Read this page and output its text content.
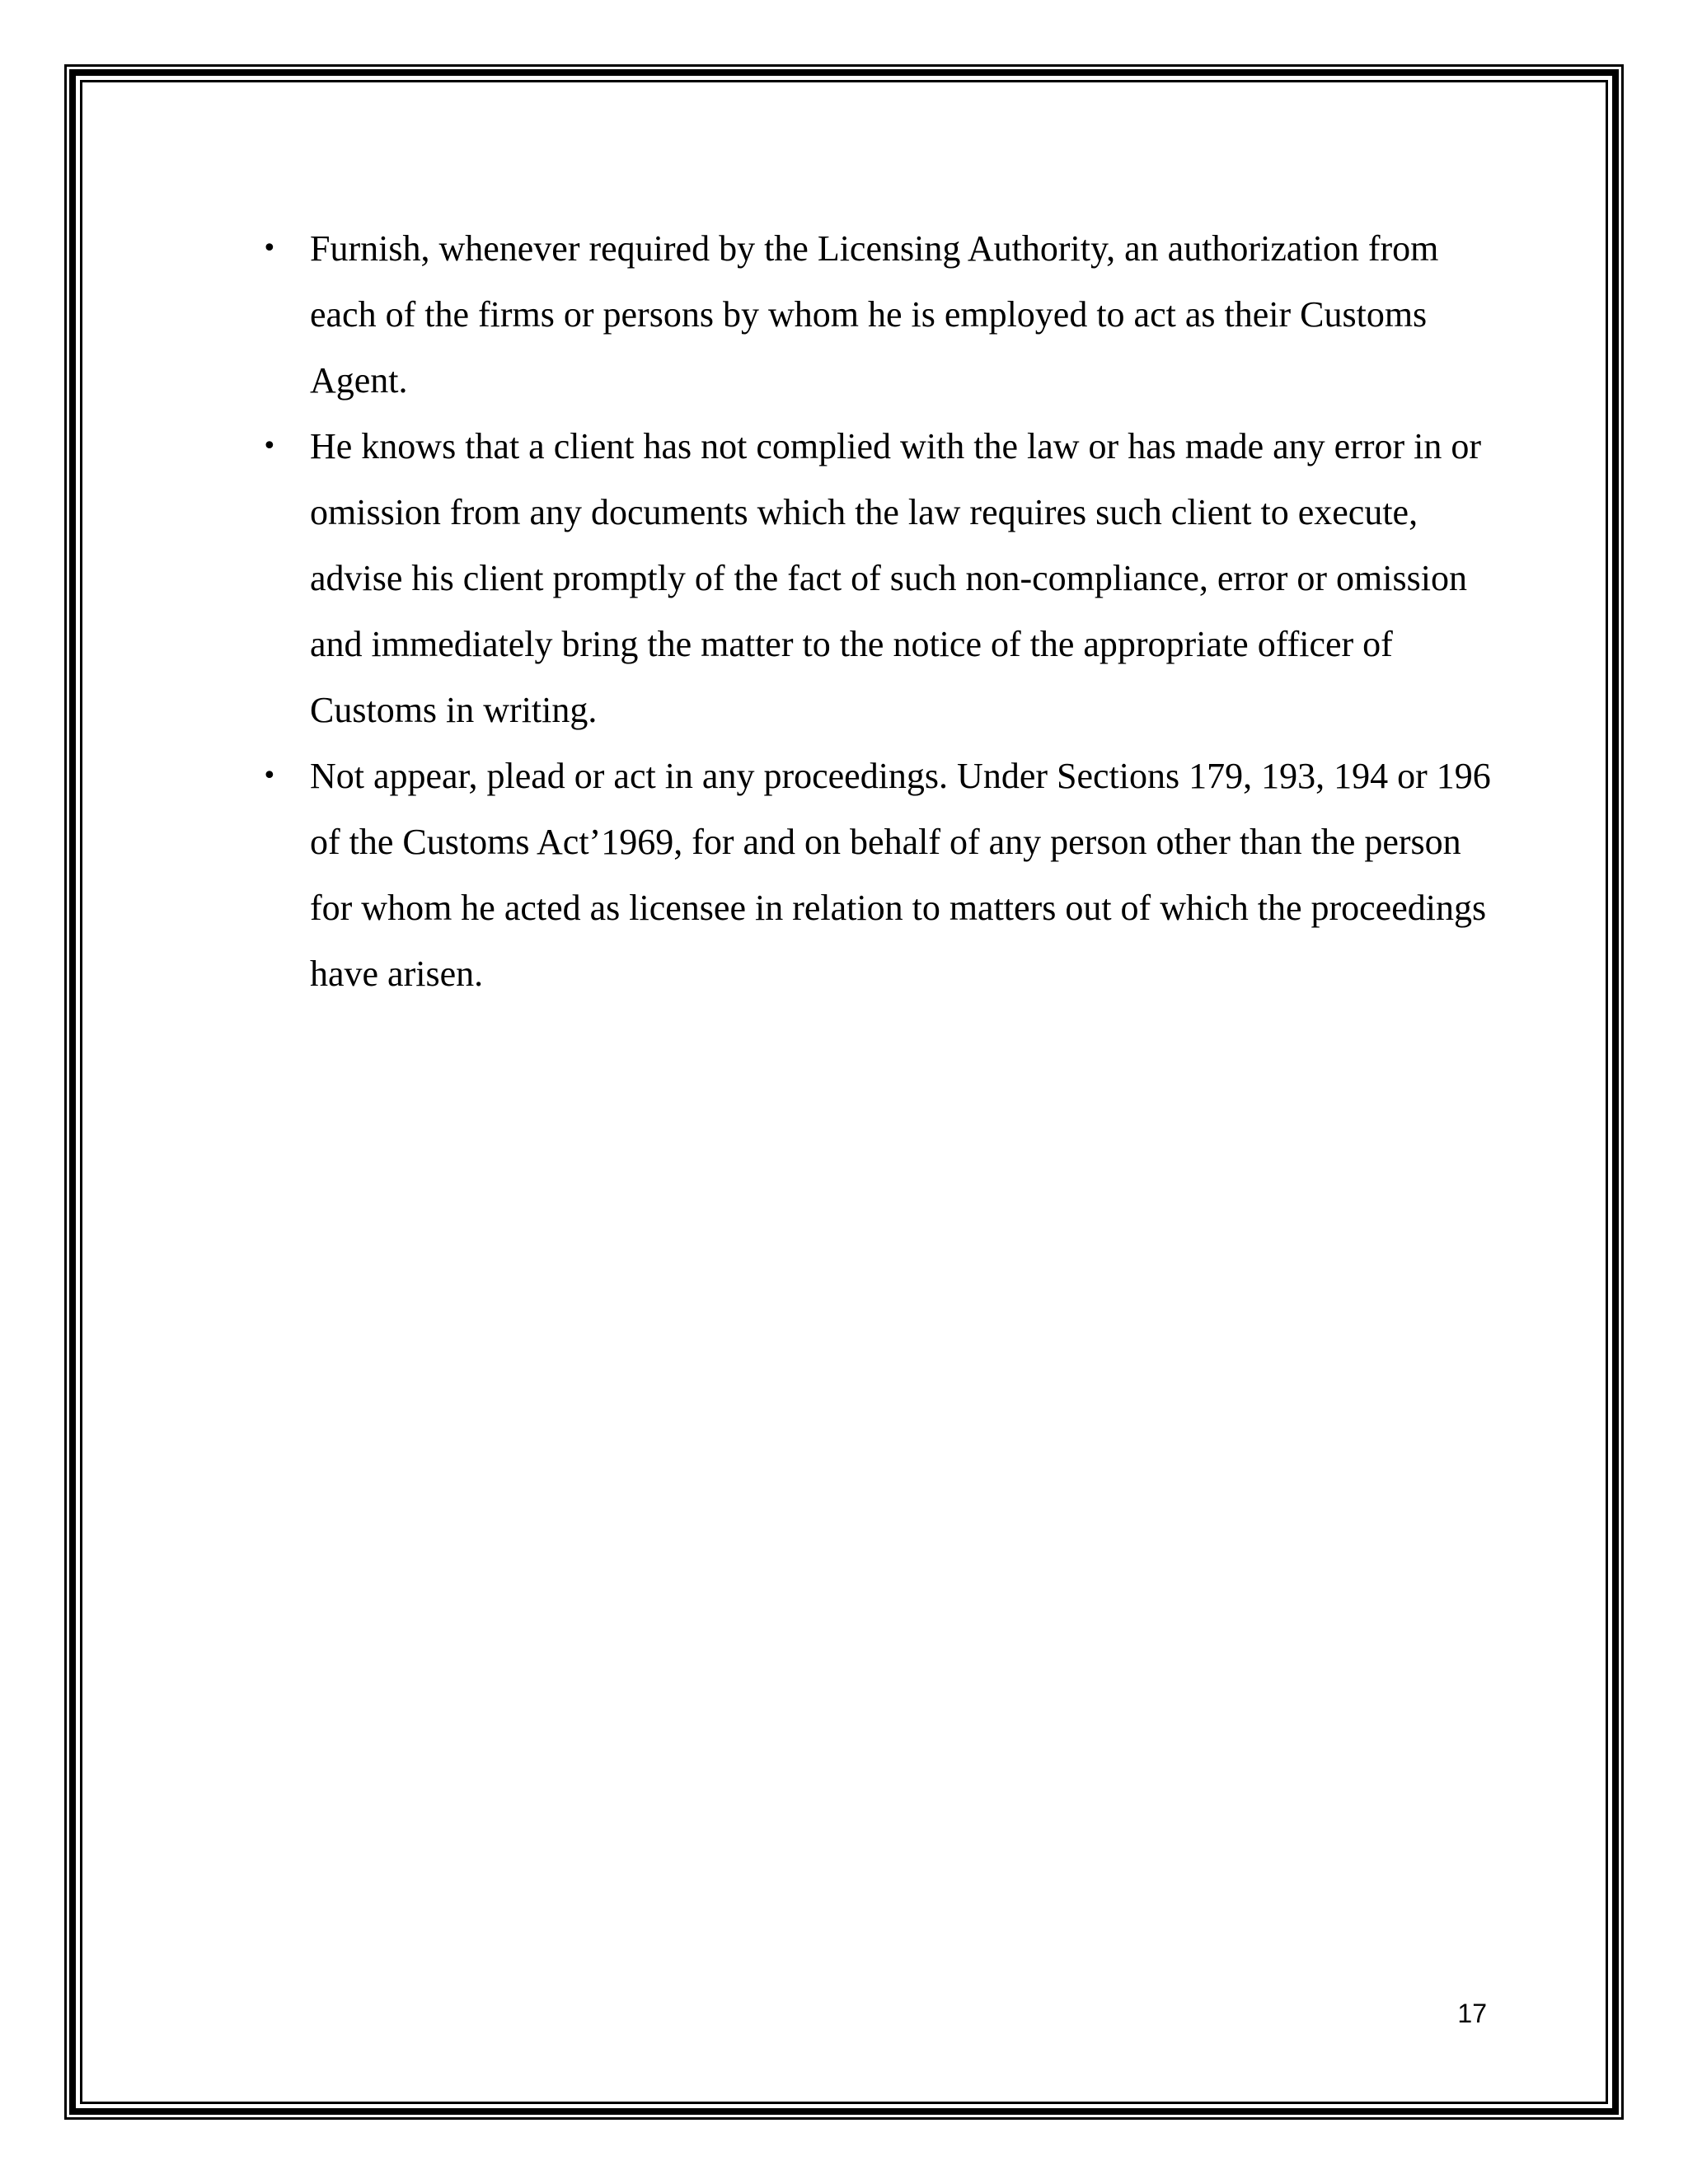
• Furnish, whenever required by the Licensing Authority, an authorization from each of the firms or persons by whom he is employed to act as their Customs Agent.
• He knows that a client has not complied with the law or has made any error in or omission from any documents which the law requires such client to execute, advise his client promptly of the fact of such non-compliance, error or omission and immediately bring the matter to the notice of the appropriate officer of Customs in writing.
• Not appear, plead or act in any proceedings. Under Sections 179, 193, 194 or 196 of the Customs Act’1969, for and on behalf of any person other than the person for whom he acted as licensee in relation to matters out of which the proceedings have arisen.
17
